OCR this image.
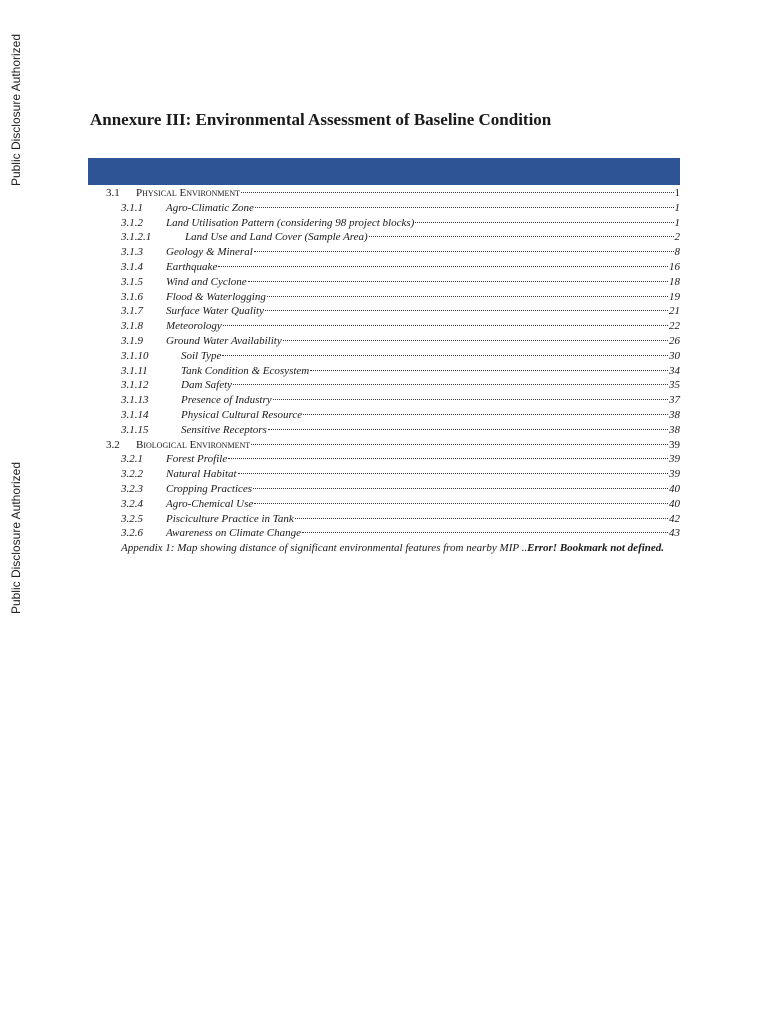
Public Disclosure Authorized
Public Disclosure Authorized
Annexure III: Environmental Assessment of Baseline Condition
3.1	Physical Environment	1
3.1.1	Agro-Climatic Zone	1
3.1.2	Land Utilisation Pattern (considering 98 project blocks)	1
3.1.2.1	Land Use and Land Cover (Sample Area)	2
3.1.3	Geology & Mineral	8
3.1.4	Earthquake	16
3.1.5	Wind and Cyclone	18
3.1.6	Flood & Waterlogging	19
3.1.7	Surface Water Quality	21
3.1.8	Meteorology	22
3.1.9	Ground Water Availability	26
3.1.10	Soil Type	30
3.1.11	Tank Condition & Ecosystem	34
3.1.12	Dam Safety	35
3.1.13	Presence of Industry	37
3.1.14	Physical Cultural Resource	38
3.1.15	Sensitive Receptors	38
3.2	Biological Environment	39
3.2.1	Forest Profile	39
3.2.2	Natural Habitat	39
3.2.3	Cropping Practices	40
3.2.4	Agro-Chemical Use	40
3.2.5	Pisciculture Practice in Tank	42
3.2.6	Awareness on Climate Change	43
Appendix 1: Map showing distance of significant environmental features from nearby MIP ..Error! Bookmark not defined.
